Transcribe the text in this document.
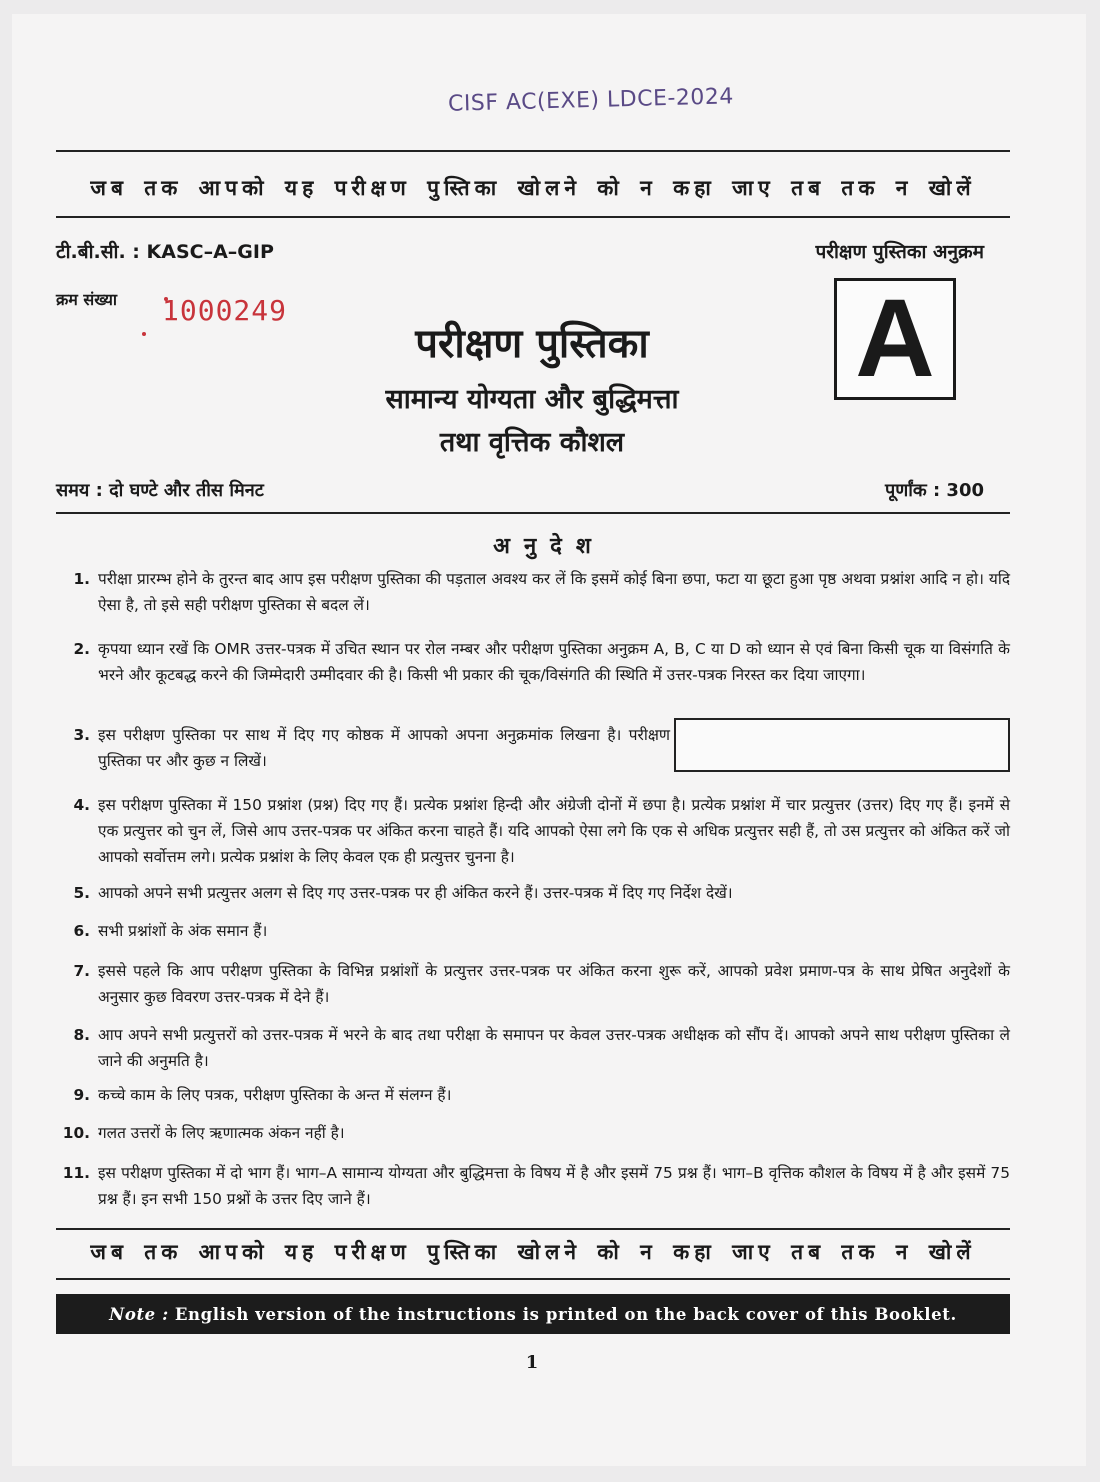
CISF AC(EXE) LDCE-2024
जब तक आपको यह परीक्षण पुस्तिका खोलने को न कहा जाए तब तक न खोलें
टी.बी.सी. : KASC–A–GIP	परीक्षण पुस्तिका अनुक्रम
क्रम संख्या 1000249
परीक्षण पुस्तिका
सामान्य योग्यता और बुद्धिमत्ता
तथा वृत्तिक कौशल
A
समय : दो घण्टे और तीस मिनट	पूर्णांक : 300
अनुदेश
1. परीक्षा प्रारम्भ होने के तुरन्त बाद आप इस परीक्षण पुस्तिका की पड़ताल अवश्य कर लें कि इसमें कोई बिना छपा, फटा या छूटा हुआ पृष्ठ अथवा प्रश्नांश आदि न हो। यदि ऐसा है, तो इसे सही परीक्षण पुस्तिका से बदल लें।
2. कृपया ध्यान रखें कि OMR उत्तर-पत्रक में उचित स्थान पर रोल नम्बर और परीक्षण पुस्तिका अनुक्रम A, B, C या D को ध्यान से एवं बिना किसी चूक या विसंगति के भरने और कूटबद्ध करने की जिम्मेदारी उम्मीदवार की है। किसी भी प्रकार की चूक/विसंगति की स्थिति में उत्तर-पत्रक निरस्त कर दिया जाएगा।
3. इस परीक्षण पुस्तिका पर साथ में दिए गए कोष्ठक में आपको अपना अनुक्रमांक लिखना है। परीक्षण पुस्तिका पर और कुछ न लिखें।
4. इस परीक्षण पुस्तिका में 150 प्रश्नांश (प्रश्न) दिए गए हैं। प्रत्येक प्रश्नांश हिन्दी और अंग्रेजी दोनों में छपा है। प्रत्येक प्रश्नांश में चार प्रत्युत्तर (उत्तर) दिए गए हैं। इनमें से एक प्रत्युत्तर को चुन लें, जिसे आप उत्तर-पत्रक पर अंकित करना चाहते हैं। यदि आपको ऐसा लगे कि एक से अधिक प्रत्युत्तर सही हैं, तो उस प्रत्युत्तर को अंकित करें जो आपको सर्वोत्तम लगे। प्रत्येक प्रश्नांश के लिए केवल एक ही प्रत्युत्तर चुनना है।
5. आपको अपने सभी प्रत्युत्तर अलग से दिए गए उत्तर-पत्रक पर ही अंकित करने हैं। उत्तर-पत्रक में दिए गए निर्देश देखें।
6. सभी प्रश्नांशों के अंक समान हैं।
7. इससे पहले कि आप परीक्षण पुस्तिका के विभिन्न प्रश्नांशों के प्रत्युत्तर उत्तर-पत्रक पर अंकित करना शुरू करें, आपको प्रवेश प्रमाण-पत्र के साथ प्रेषित अनुदेशों के अनुसार कुछ विवरण उत्तर-पत्रक में देने हैं।
8. आप अपने सभी प्रत्युत्तरों को उत्तर-पत्रक में भरने के बाद तथा परीक्षा के समापन पर केवल उत्तर-पत्रक अधीक्षक को सौंप दें। आपको अपने साथ परीक्षण पुस्तिका ले जाने की अनुमति है।
9. कच्चे काम के लिए पत्रक, परीक्षण पुस्तिका के अन्त में संलग्न हैं।
10. गलत उत्तरों के लिए ऋणात्मक अंकन नहीं है।
11. इस परीक्षण पुस्तिका में दो भाग हैं। भाग–A सामान्य योग्यता और बुद्धिमत्ता के विषय में है और इसमें 75 प्रश्न हैं। भाग–B वृत्तिक कौशल के विषय में है और इसमें 75 प्रश्न हैं। इन सभी 150 प्रश्नों के उत्तर दिए जाने हैं।
जब तक आपको यह परीक्षण पुस्तिका खोलने को न कहा जाए तब तक न खोलें
Note : English version of the instructions is printed on the back cover of this Booklet.
1
